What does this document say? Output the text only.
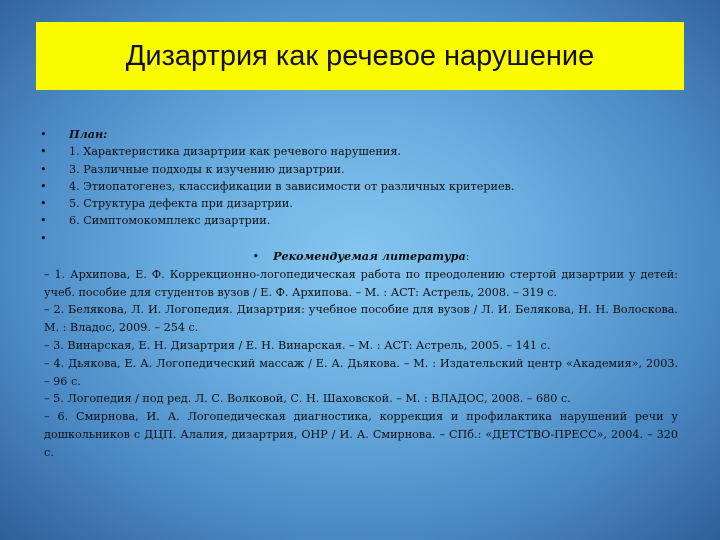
Дизартрия как речевое нарушение
• План:
• 1. Характеристика дизартрии как речевого нарушения.
• 3. Различные подходы к изучению дизартрии.
• 4. Этиопатогенез, классификации в зависимости от различных критериев.
• 5. Структура дефекта при дизартрии.
• 6. Симптомокомплекс дизартрии.
•
• Рекомендуемая литература:
– 1. Архипова, Е. Ф. Коррекционно-логопедическая работа по преодолению стертой дизартрии у детей: учеб. пособие для студентов вузов / Е. Ф. Архипова. – М. : АСТ: Астрель, 2008. – 319 с.
– 2. Белякова, Л. И. Логопедия. Дизартрия: учебное пособие для вузов / Л. И. Белякова, Н. Н. Волоскова. М. : Владос, 2009. – 254 с.
– 3. Винарская, Е. Н. Дизартрия / Е. Н. Винарская. – М. : АСТ: Астрель, 2005. – 141 с.
– 4. Дьякова, Е. А. Логопедический массаж / Е. А. Дьякова. – М. : Издательский центр «Академия», 2003. – 96 с.
– 5. Логопедия / под ред. Л. С. Волковой, С. Н. Шаховской. – М. : ВЛАДОС, 2008. – 680 с.
– 6. Смирнова, И. А. Логопедическая диагностика, коррекция и профилактика нарушений речи у дошкольников с ДЦП. Алалия, дизартрия, ОНР / И. А. Смирнова. – СПб.: «ДЕТСТВО-ПРЕСС», 2004. – 320 с.
